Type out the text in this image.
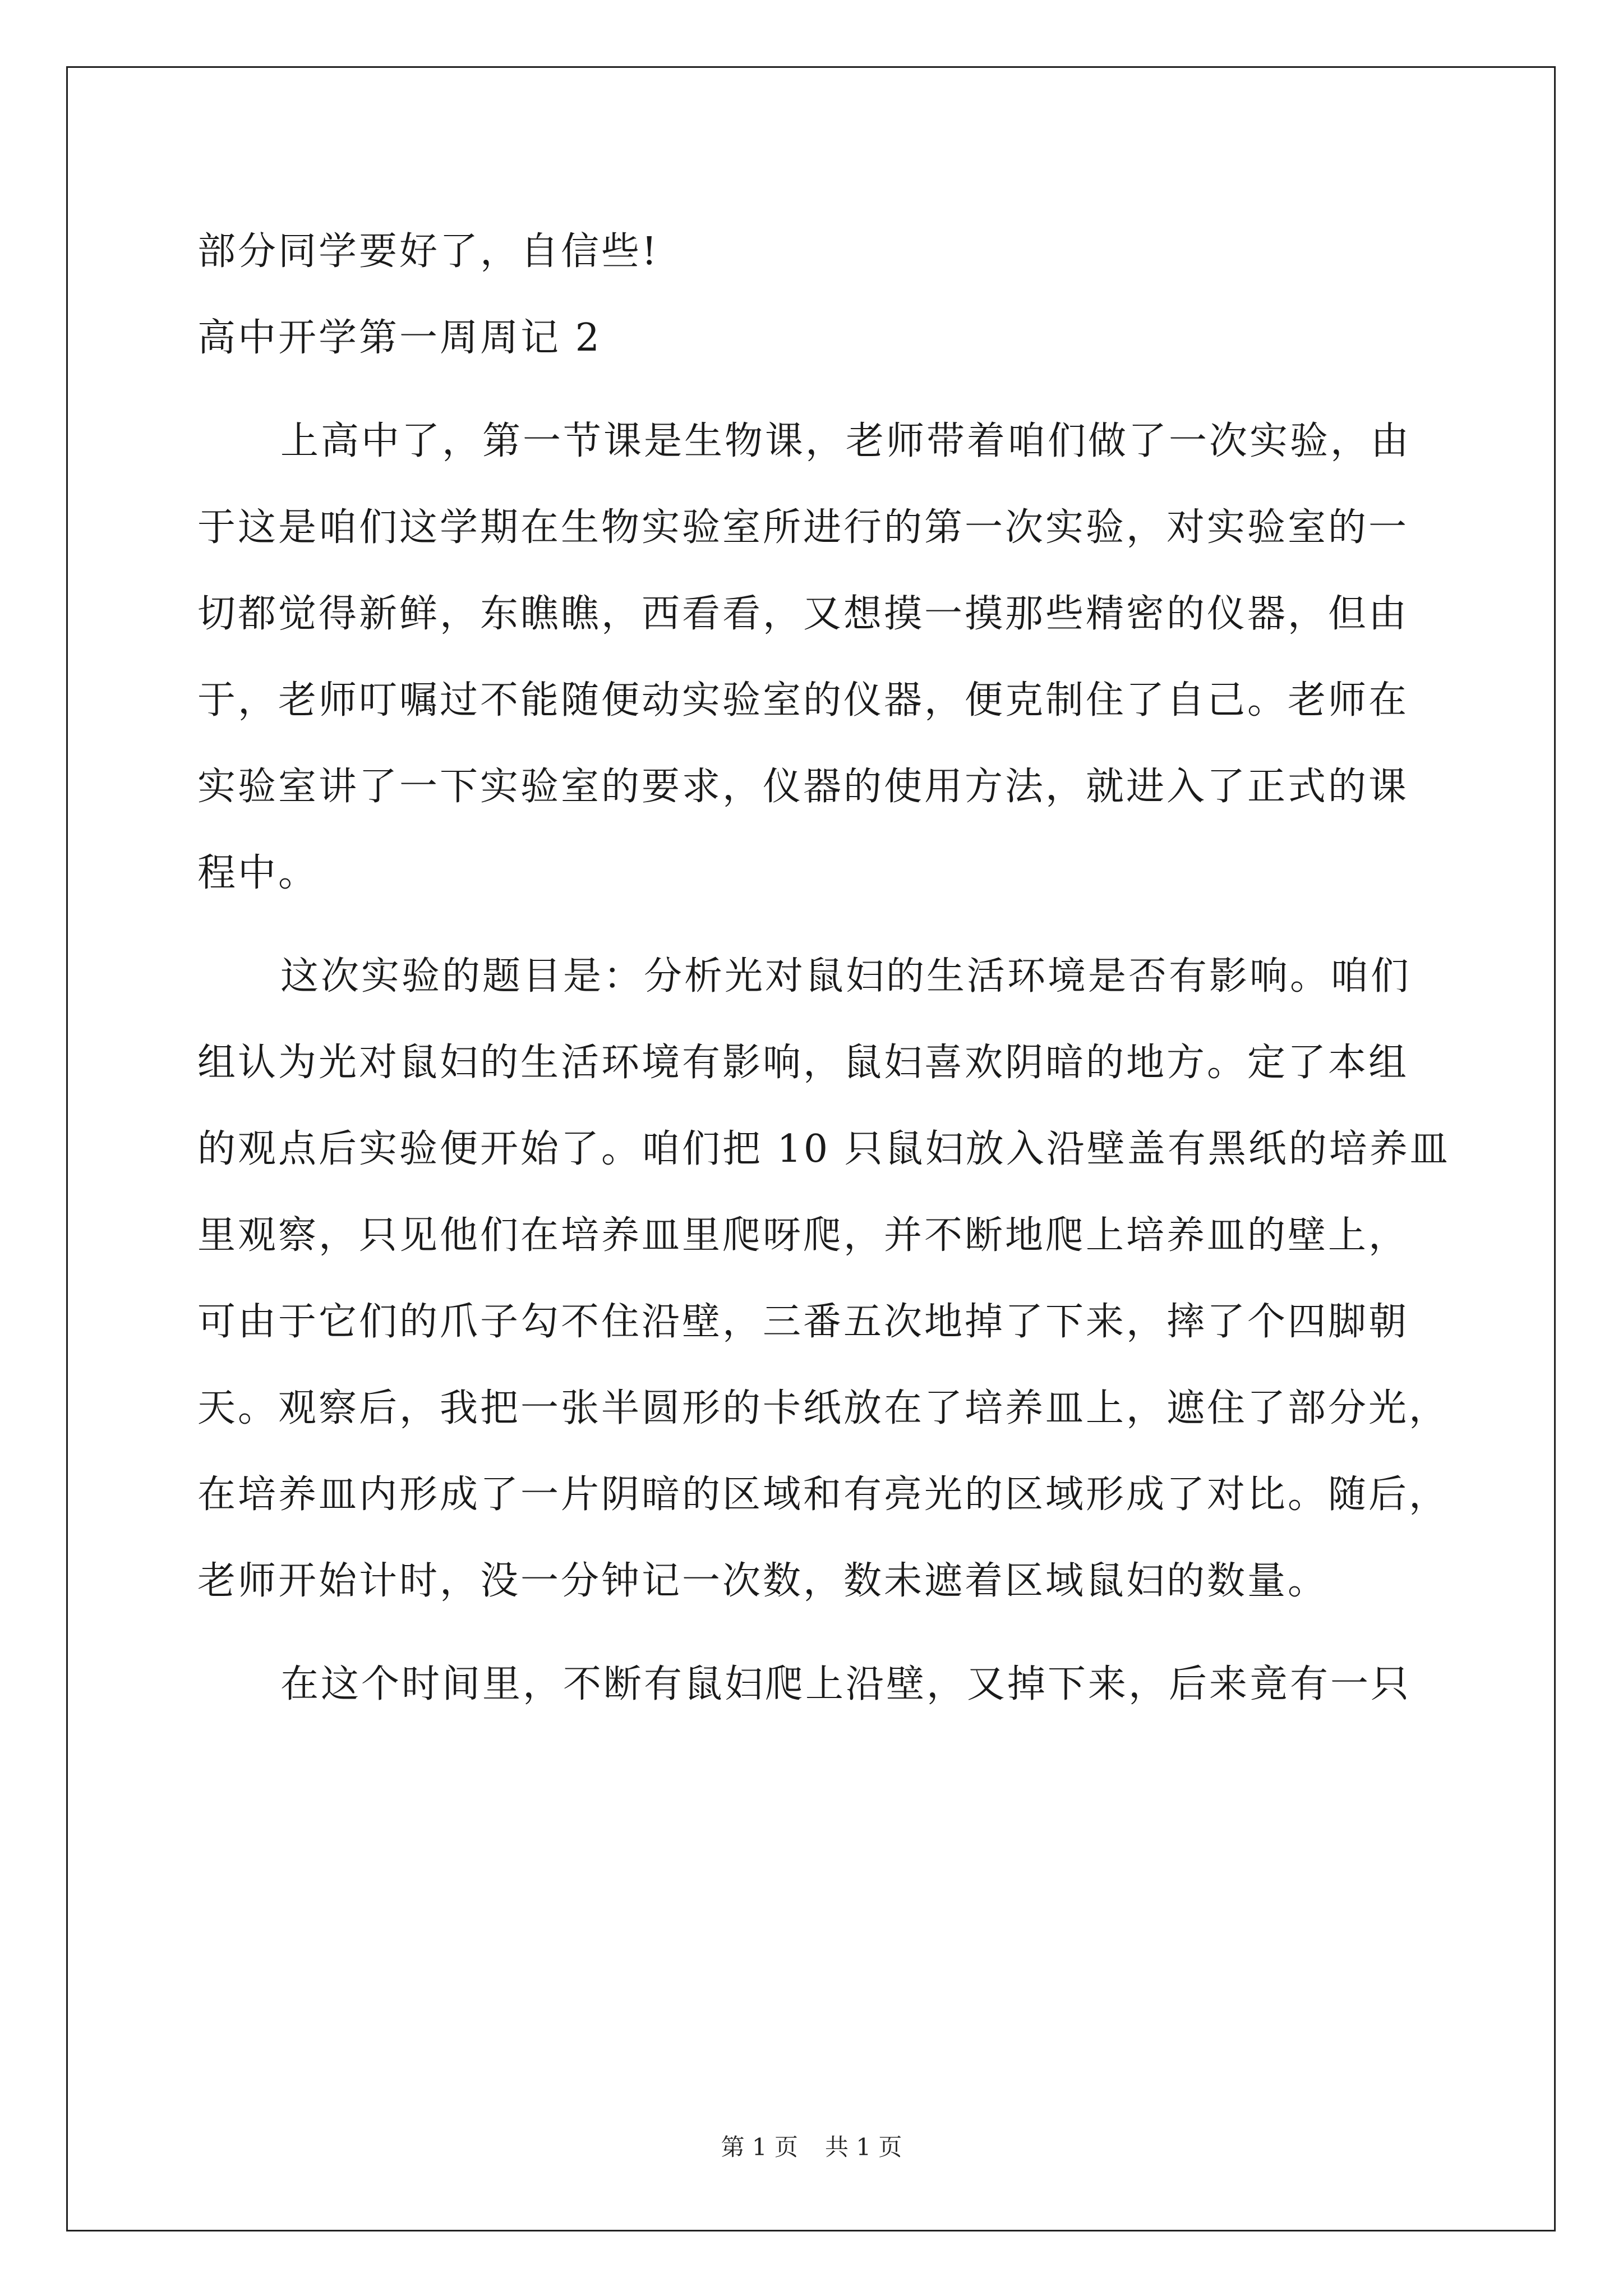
部分同学要好了，自信些!
高中开学第一周周记 2
上高中了，第一节课是生物课，老师带着咱们做了一次实验，由
于这是咱们这学期在生物实验室所进行的第一次实验，对实验室的一
切都觉得新鲜，东瞧瞧，西看看，又想摸一摸那些精密的仪器，但由
于，老师叮嘱过不能随便动实验室的仪器，便克制住了自己。老师在
实验室讲了一下实验室的要求，仪器的使用方法，就进入了正式的课
程中。
这次实验的题目是：分析光对鼠妇的生活环境是否有影响。咱们
组认为光对鼠妇的生活环境有影响，鼠妇喜欢阴暗的地方。定了本组
的观点后实验便开始了。咱们把 10 只鼠妇放入沿壁盖有黑纸的培养皿
里观察，只见他们在培养皿里爬呀爬，并不断地爬上培养皿的壁上，
可由于它们的爪子勾不住沿壁，三番五次地掉了下来，摔了个四脚朝
天。观察后，我把一张半圆形的卡纸放在了培养皿上，遮住了部分光，
在培养皿内形成了一片阴暗的区域和有亮光的区域形成了对比。随后，
老师开始计时，没一分钟记一次数，数未遮着区域鼠妇的数量。
在这个时间里，不断有鼠妇爬上沿壁，又掉下来，后来竟有一只
第 1 页 共 1 页
